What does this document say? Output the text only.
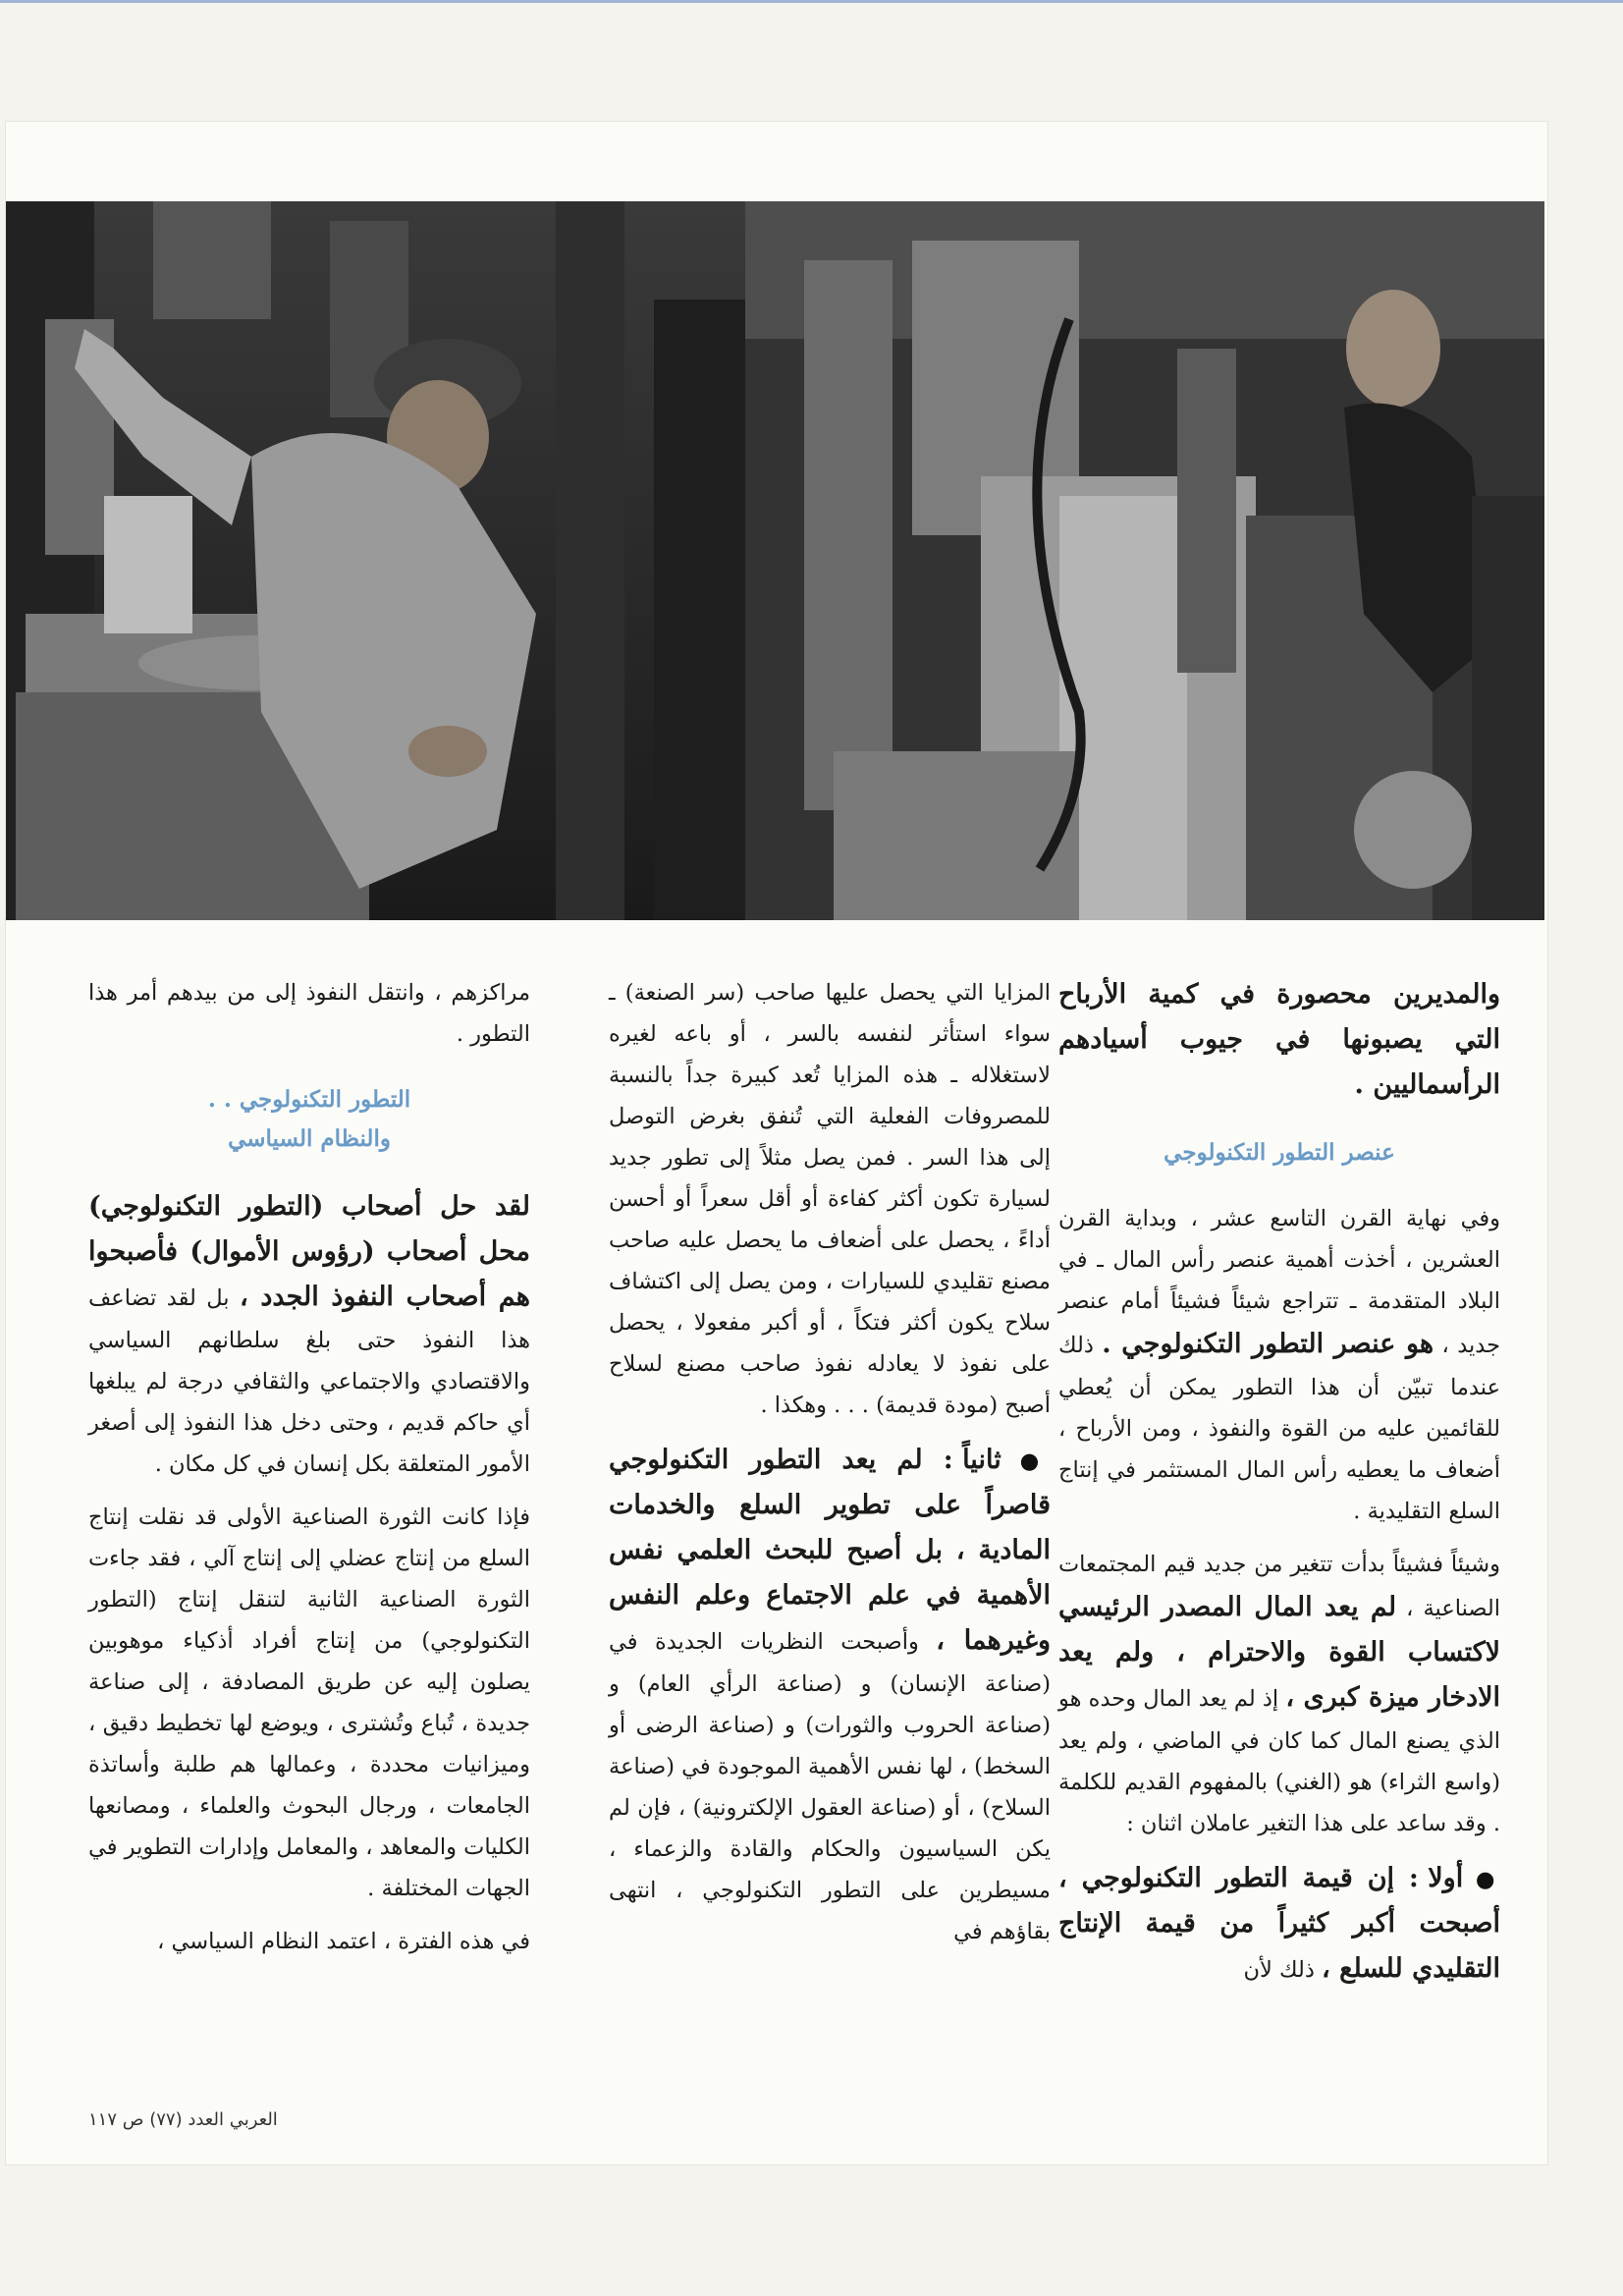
والمديرين محصورة في كمية الأرباح التي يصبونها في جيوب أسيادهم الرأسماليين .

عنصر التطور التكنولوجي

وفي نهاية القرن التاسع عشر ، وبداية القرن العشرين ، أخذت أهمية عنصر رأس المال ـ في البلاد المتقدمة ـ تتراجع شيئاً فشيئاً أمام عنصر جديد ، هو عنصر التطور التكنولوجي . ذلك عندما تبيّن أن هذا التطور يمكن أن يُعطي للقائمين عليه من القوة والنفوذ ، ومن الأرباح ، أضعاف ما يعطيه رأس المال المستثمر في إنتاج السلع التقليدية .

وشيئاً فشيئاً بدأت تتغير من جديد قيم المجتمعات الصناعية ، لم يعد المال المصدر الرئيسي لاكتساب القوة والاحترام ، ولم يعد الادخار ميزة كبرى ، إذ لم يعد المال وحده هو الذي يصنع المال كما كان في الماضي ، ولم يعد (واسع الثراء) هو (الغني) بالمفهوم القديم للكلمة . وقد ساعد على هذا التغير عاملان اثنان :

● أولا : إن قيمة التطور التكنولوجي ، أصبحت أكبر كثيراً من قيمة الإنتاج التقليدي للسلع ، ذلك لأن

المزايا التي يحصل عليها صاحب (سر الصنعة) ـ سواء استأثر لنفسه بالسر ، أو باعه لغيره لاستغلاله ـ هذه المزايا تُعد كبيرة جداً بالنسبة للمصروفات الفعلية التي تُنفق بغرض التوصل إلى هذا السر . فمن يصل مثلاً إلى تطور جديد لسيارة تكون أكثر كفاءة أو أقل سعراً أو أحسن أداءً ، يحصل على أضعاف ما يحصل عليه صاحب مصنع تقليدي للسيارات ، ومن يصل إلى اكتشاف سلاح يكون أكثر فتكاً ، أو أكبر مفعولا ، يحصل على نفوذ لا يعادله نفوذ صاحب مصنع لسلاح أصبح (مودة قديمة) . . . وهكذا .

● ثانياً : لم يعد التطور التكنولوجي قاصراً على تطوير السلع والخدمات المادية ، بل أصبح للبحث العلمي نفس الأهمية في علم الاجتماع وعلم النفس وغيرهما ، وأصبحت النظريات الجديدة في (صناعة الإنسان) و (صناعة الرأي العام) و (صناعة الحروب والثورات) و (صناعة الرضى أو السخط) ، لها نفس الأهمية الموجودة في (صناعة السلاح) ، أو (صناعة العقول الإلكترونية) ، فإن لم يكن السياسيون والحكام والقادة والزعماء ، مسيطرين على التطور التكنولوجي ، انتهى بقاؤهم في

مراكزهم ، وانتقل النفوذ إلى من بيدهم أمر هذا التطور .

التطور التكنولوجي . .
والنظام السياسي

لقد حل أصحاب (التطور التكنولوجي) محل أصحاب (رؤوس الأموال) فأصبحوا هم أصحاب النفوذ الجدد ، بل لقد تضاعف هذا النفوذ حتى بلغ سلطانهم السياسي والاقتصادي والاجتماعي والثقافي درجة لم يبلغها أي حاكم قديم ، وحتى دخل هذا النفوذ إلى أصغر الأمور المتعلقة بكل إنسان في كل مكان .

فإذا كانت الثورة الصناعية الأولى قد نقلت إنتاج السلع من إنتاج عضلي إلى إنتاج آلي ، فقد جاءت الثورة الصناعية الثانية لتنقل إنتاج (التطور التكنولوجي) من إنتاج أفراد أذكياء موهوبين يصلون إليه عن طريق المصادفة ، إلى صناعة جديدة ، تُباع وتُشترى ، ويوضع لها تخطيط دقيق ، وميزانيات محددة ، وعمالها هم طلبة وأساتذة الجامعات ، ورجال البحوث والعلماء ، ومصانعها الكليات والمعاهد ، والمعامل وإدارات التطوير في الجهات المختلفة .

في هذه الفترة ، اعتمد النظام السياسي ،

العربي العدد (٧٧) ص ١١٧
